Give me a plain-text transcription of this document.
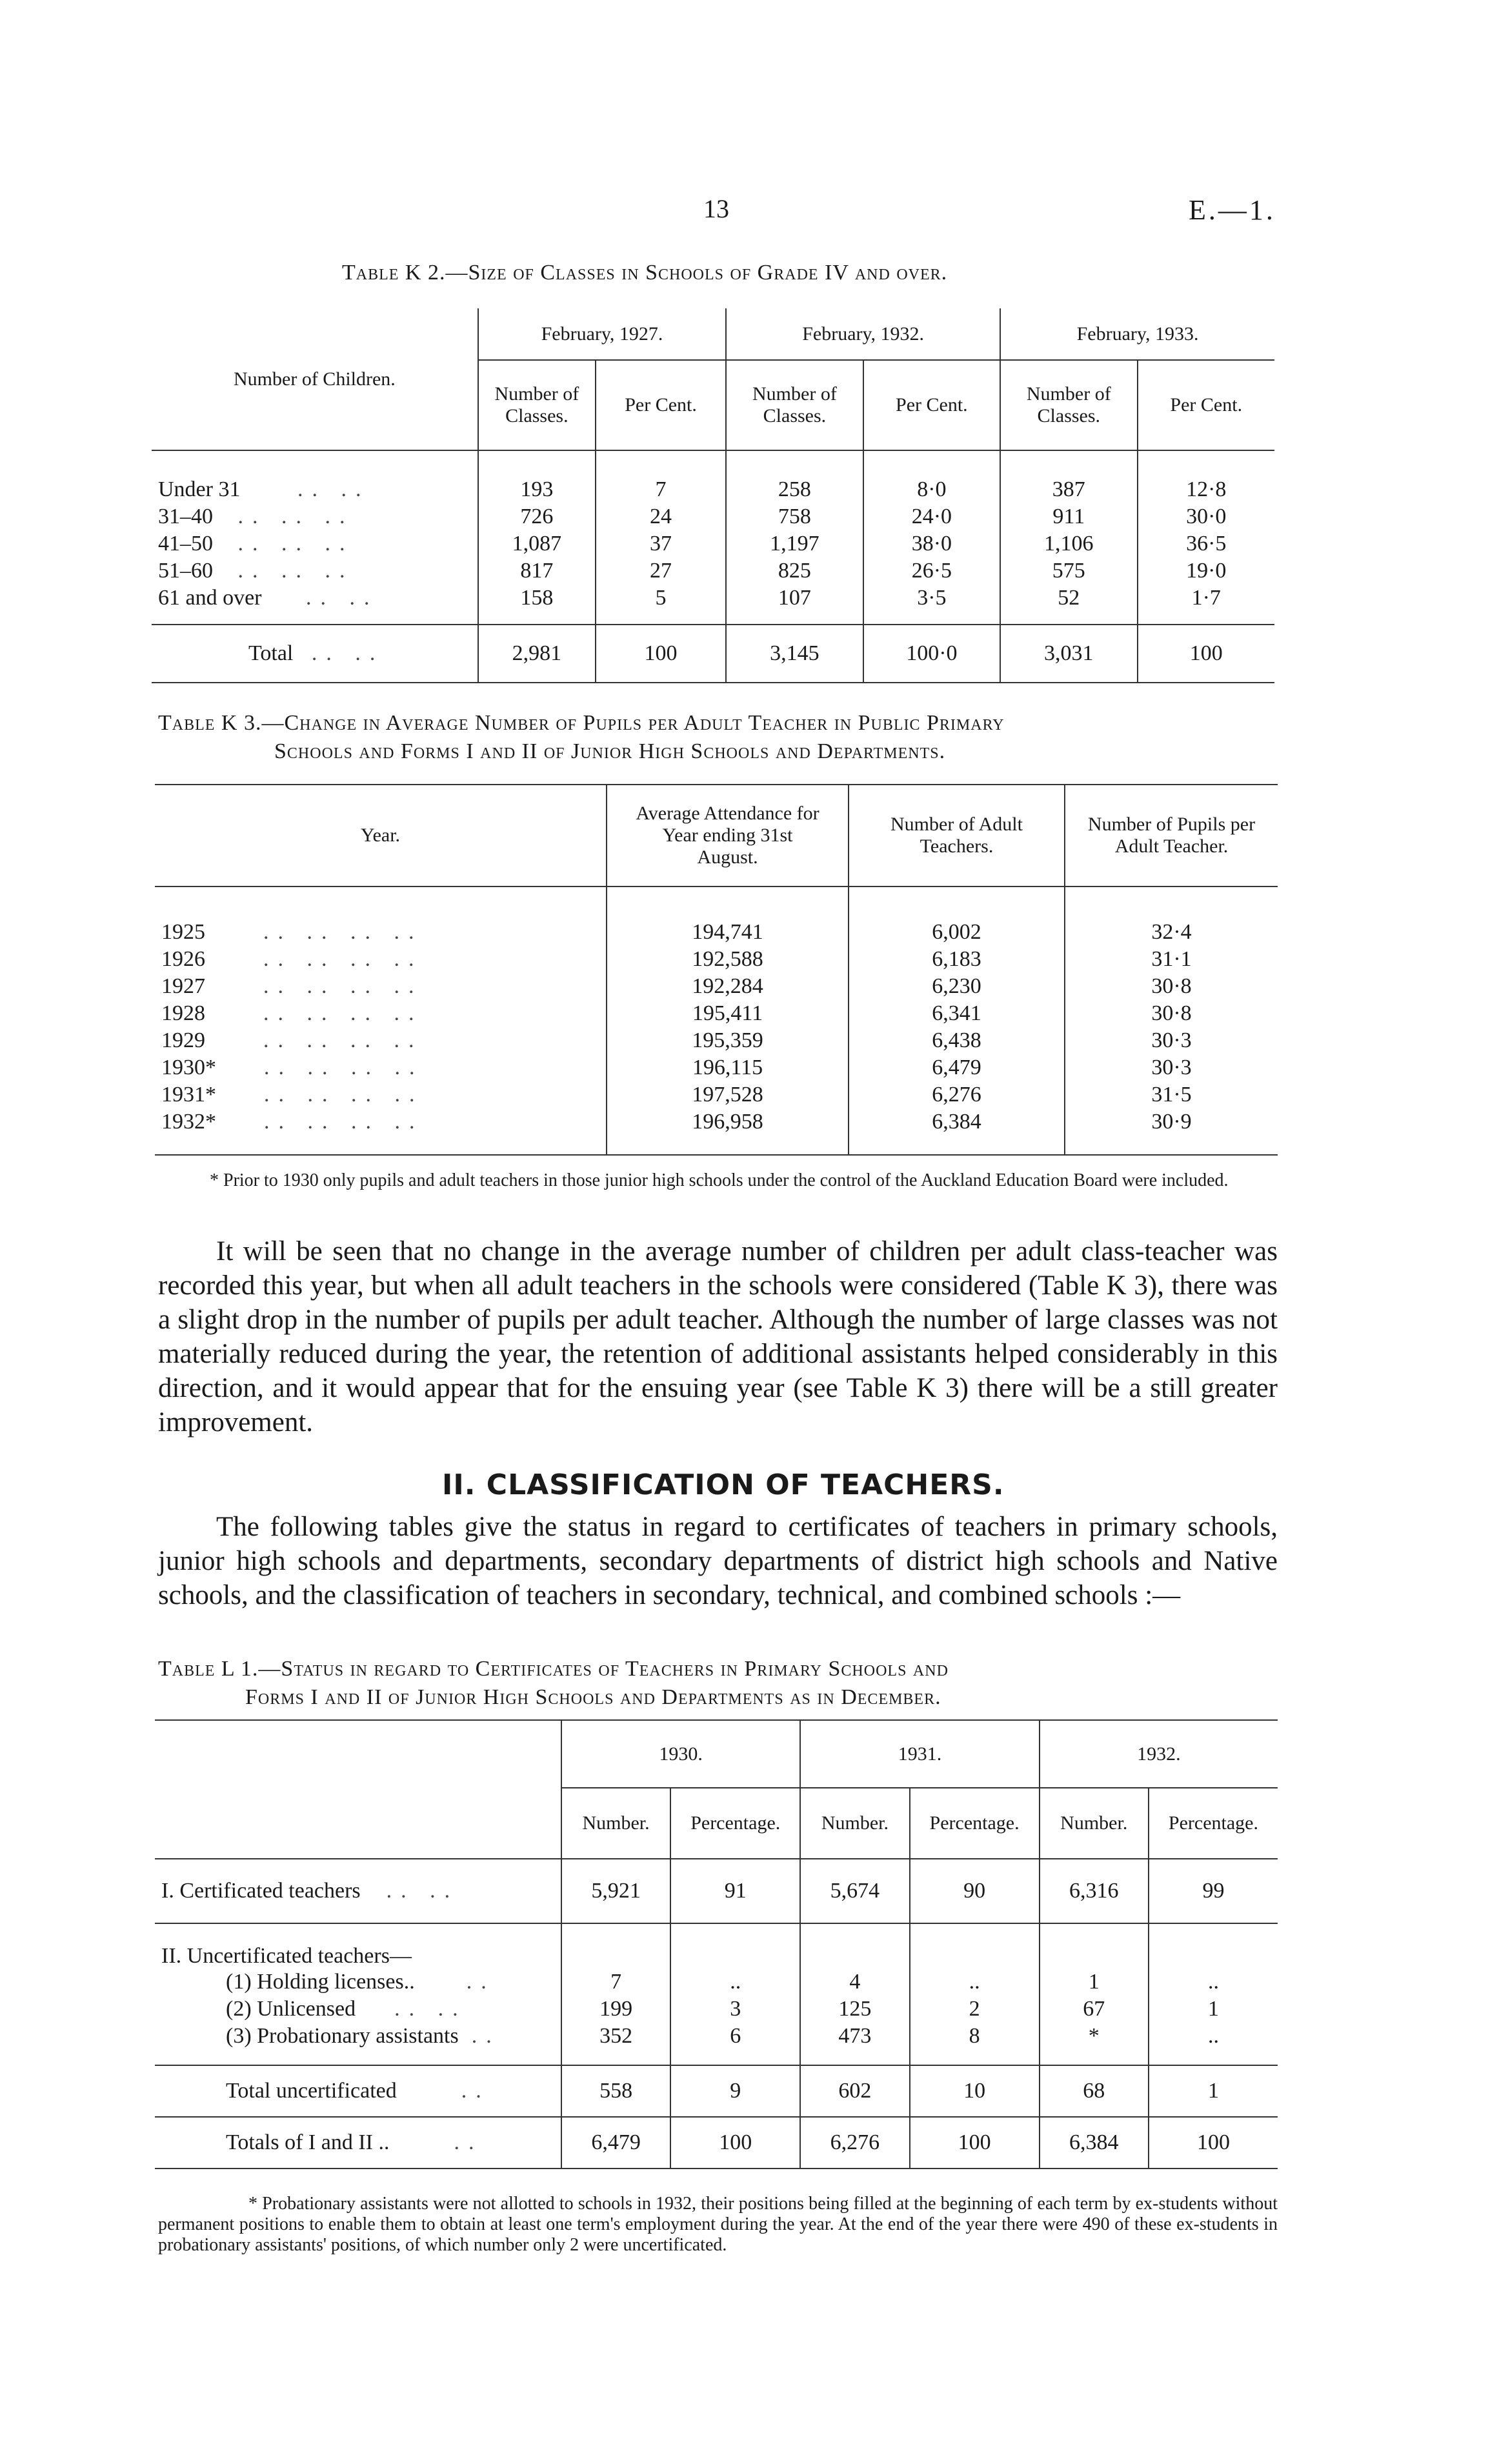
13	E.—1.
Table K 2.—Size of Classes in Schools of Grade IV and over.
Number of Children.	February, 1927.		February, 1932.		February, 1933.	
	Number of Classes.	Per Cent.	Number of Classes.	Per Cent.	Number of Classes.	Per Cent.

Under 31 .. ..	193	7	258	8·0	387	12·8
31–40 .. .. ..	726	24	758	24·0	911	30·0
41–50 .. .. ..	1,087	37	1,197	38·0	1,106	36·5
51–60 .. .. ..	817	27	825	26·5	575	19·0
61 and over .. ..	158	5	107	3·5	52	1·7

Total .. ..	2,981	100	3,145	100·0	3,031	100
Table K 3.—Change in Average Number of Pupils per Adult Teacher in Public Primary
Schools and Forms I and II of Junior High Schools and Departments.
Year.	Average Attendance for Year ending 31st August.	Number of Adult Teachers.	Number of Pupils per Adult Teacher.

1925 .. .. .. ..	194,741	6,002	32·4
1926 .. .. .. ..	192,588	6,183	31·1
1927 .. .. .. ..	192,284	6,230	30·8
1928 .. .. .. ..	195,411	6,341	30·8
1929 .. .. .. ..	195,359	6,438	30·3
1930* .. .. .. ..	196,115	6,479	30·3
1931* .. .. .. ..	197,528	6,276	31·5
1932* .. .. .. ..	196,958	6,384	30·9

* Prior to 1930 only pupils and adult teachers in those junior high schools under the control of the Auckland Education Board were included.
It will be seen that no change in the average number of children per adult class-teacher was recorded this year, but when all adult teachers in the schools were considered (Table K 3), there was a slight drop in the number of pupils per adult teacher. Although the number of large classes was not materially reduced during the year, the retention of additional assistants helped considerably in this direction, and it would appear that for the ensuing year (see Table K 3) there will be a still greater improvement.
II. CLASSIFICATION OF TEACHERS.
The following tables give the status in regard to certificates of teachers in primary schools, junior high schools and departments, secondary departments of district high schools and Native schools, and the classification of teachers in secondary, technical, and combined schools :—
Table L 1.—Status in regard to Certificates of Teachers in Primary Schools and
Forms I and II of Junior High Schools and Departments as in December.
	1930.		1931.		1932.	
	Number.	Percentage.	Number.	Percentage.	Number.	Percentage.
I. Certificated teachers .. ..	5,921	91	5,674	90	6,316	99
II. Uncertificated teachers—						
(1) Holding licenses.. ..	7	..	4	..	1	..
(2) Unlicensed .. ..	199	3	125	2	67	1
(3) Probationary assistants ..	352	6	473	8	*	..

Total uncertificated ..	558	9	602	10	68	1
Totals of I and II .. ..	6,479	100	6,276	100	6,384	100
* Probationary assistants were not allotted to schools in 1932, their positions being filled at the beginning of each term by ex-students without permanent positions to enable them to obtain at least one term's employment during the year. At the end of the year there were 490 of these ex-students in probationary assistants' positions, of which number only 2 were uncertificated.
